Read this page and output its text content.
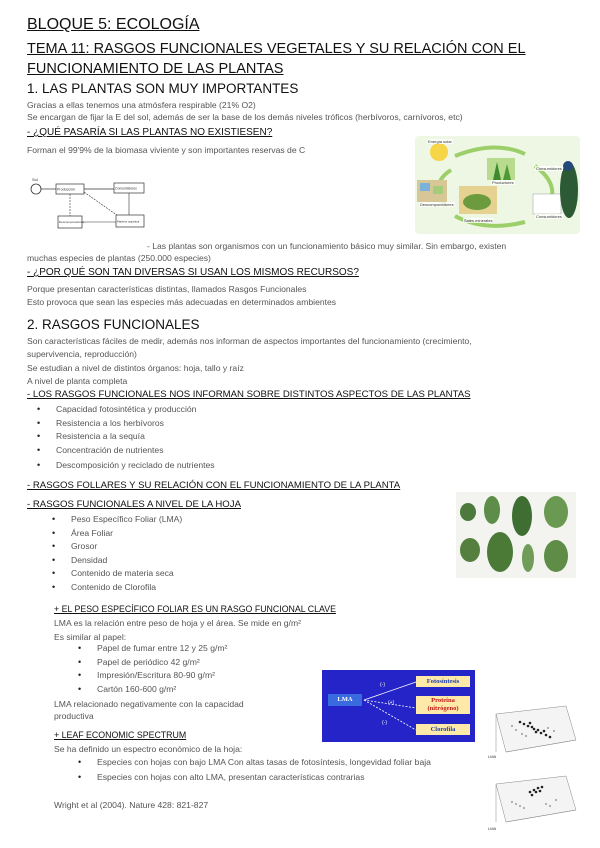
BLOQUE 5: ECOLOGÍA
TEMA 11: RASGOS FUNCIONALES VEGETALES Y SU RELACIÓN CON EL FUNCIONAMIENTO DE LAS PLANTAS
1. LAS PLANTAS SON MUY IMPORTANTES
Gracias a ellas tenemos una atmósfera respirable (21% O2)
Se encargan de fijar la E del sol, además de ser la base de los demás niveles tróficos (herbívoros, carnívoros, etc)
- ¿QUÉ PASARÍA SI LAS PLANTAS NO EXISTIESEN?
Forman el 99'9% de la biomasa viviente y son importantes reservas de C
Sol
Producción	Consumidores
Descomponedores	Materia orgánica
Energía solar
Productores
Consumidores
Consumidores
Descomponedores
Sales minerales
- Las plantas son organismos con un funcionamiento básico muy similar. Sin embargo, existen
muchas especies de plantas (250.000 especies)
- ¿POR QUÉ SON TAN DIVERSAS SI USAN LOS MISMOS RECURSOS?
Porque presentan características distintas, llamados Rasgos Funcionales
Esto provoca que sean las especies más adecuadas en determinados ambientes
2. RASGOS FUNCIONALES
Son características fáciles de medir, además nos informan de aspectos importantes del funcionamiento (crecimiento,
supervivencia, reproducción)
Se estudian a nivel de distintos órganos: hoja, tallo y raíz
A nivel de planta completa
- LOS RASGOS FUNCIONALES NOS INFORMAN SOBRE DISTINTOS ASPECTOS DE LAS PLANTAS
• Capacidad fotosintética y producción
• Resistencia a los herbívoros
• Resistencia a la sequía
• Concentración de nutrientes
• Descomposición y reciclado de nutrientes
- RASGOS FOLLARES Y SU RELACIÓN CON EL FUNCIONAMIENTO DE LA PLANTA
- RASGOS FUNCIONALES A NIVEL DE LA HOJA
• Peso Específico Foliar (LMA)
• Área Foliar
• Grosor
• Densidad
• Contenido de materia seca
• Contenido de Clorofila
+ EL PESO ESPECÍFICO FOLIAR ES UN RASGO FUNCIONAL CLAVE
LMA es la relación entre peso de hoja y el área. Se mide en g/m²
Es similar al papel:
• Papel de fumar entre 12 y 25 g/m²
• Papel de periódico 42 g/m²
• Impresión/Escritura 80-90 g/m²
• Cartón 160-600 g/m²
LMA relacionado negativamente con la capacidad
productiva
LMA
(-)
(+)
(-)
Fotosíntesis
Proteína (nitrógeno)
Clorofila
+ LEAF ECONOMIC SPECTRUM
Se ha definido un espectro económico de la hoja:
• Especies con hojas con bajo LMA Con altas tasas de fotosíntesis, longevidad foliar baja
• Especies con hojas con alto LMA, presentan características contrarias
Wright et al (2004). Nature 428: 821-827
LMA
LMA
